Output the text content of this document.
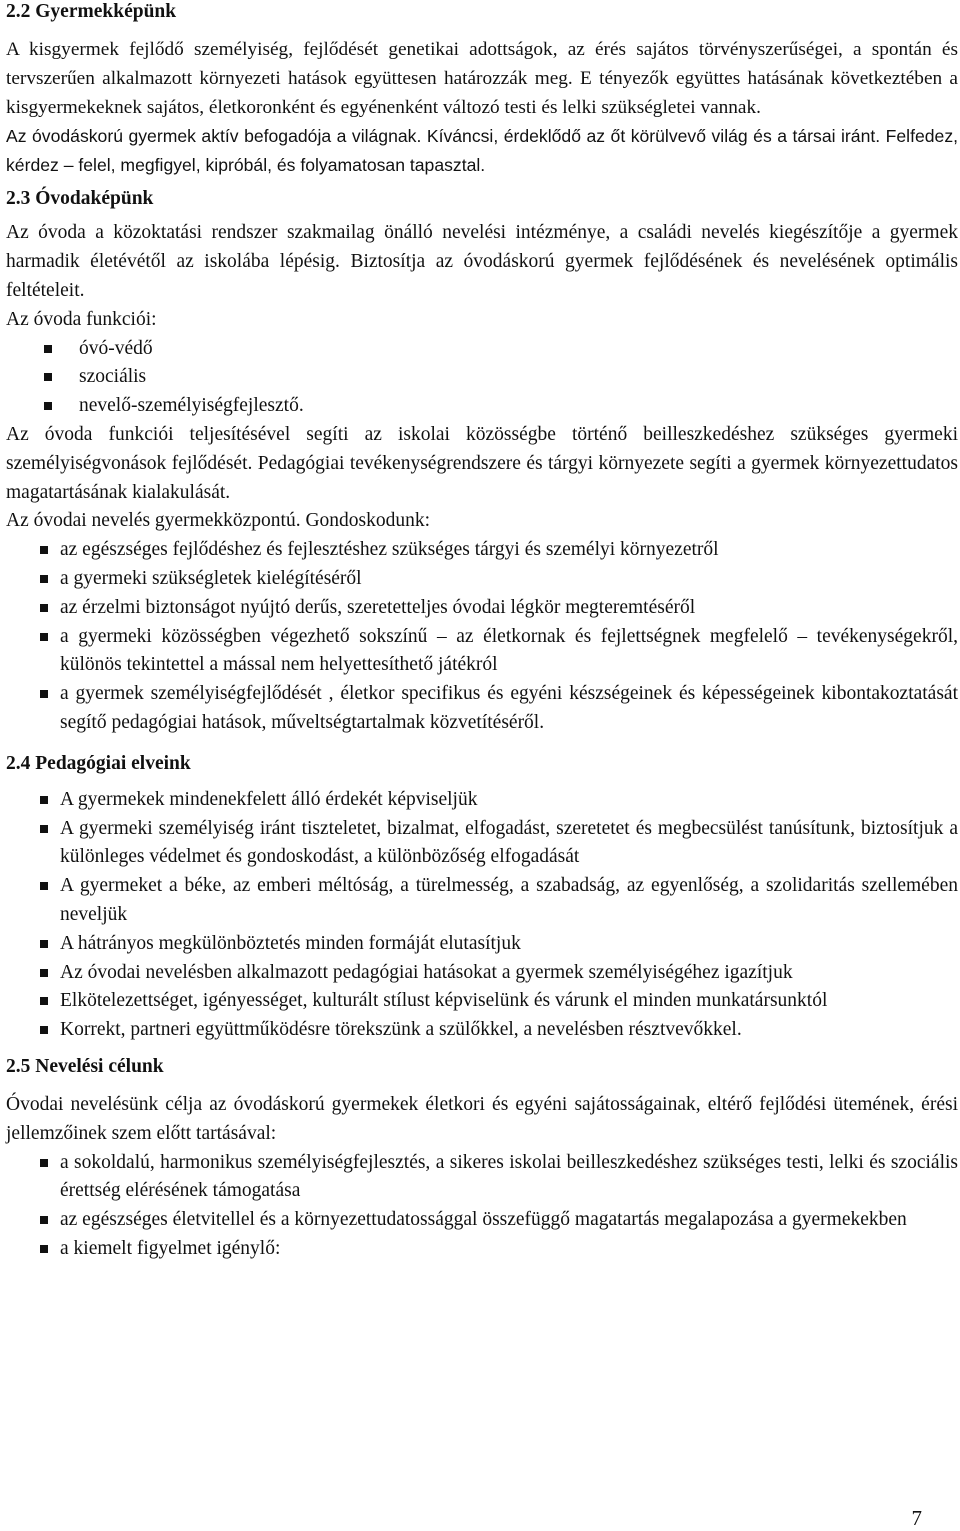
2.2 Gyermekképünk

A kisgyermek fejlődő személyiség, fejlődését genetikai adottságok, az érés sajátos törvényszerűségei, a spontán és tervszerűen alkalmazott környezeti hatások együttesen határozzák meg. E tényezők együttes hatásának következtében a kisgyermekeknek sajátos, életkoronként és egyénenként változó testi és lelki szükségletei vannak.

Az óvodáskorú gyermek aktív befogadója a világnak. Kíváncsi, érdeklődő az őt körülvevő világ és a társai iránt. Felfedez, kérdez – felel, megfigyel, kipróbál, és folyamatosan tapasztal.

2.3 Óvodaképünk

Az óvoda a közoktatási rendszer szakmailag önálló nevelési intézménye, a családi nevelés kiegészítője a gyermek harmadik életévétől az iskolába lépésig. Biztosítja az óvodáskorú gyermek fejlődésének és nevelésének optimális feltételeit.

Az óvoda funkciói:

óvó-védő
szociális
nevelő-személyiségfejlesztő.

Az óvoda funkciói teljesítésével segíti az iskolai közösségbe történő beilleszkedéshez szükséges gyermeki személyiségvonások fejlődését. Pedagógiai tevékenységrendszere és tárgyi környezete segíti a gyermek környezettudatos magatartásának kialakulását.

Az óvodai nevelés gyermekközpontú. Gondoskodunk:

az egészséges fejlődéshez és fejlesztéshez szükséges tárgyi és személyi környezetről
a gyermeki szükségletek kielégítéséről
az érzelmi biztonságot nyújtó derűs, szeretetteljes óvodai légkör megteremtéséről
a gyermeki közösségben végezhető sokszínű – az életkornak és fejlettségnek megfelelő – tevékenységekről, különös tekintettel a mással nem helyettesíthető játékról
a gyermek személyiségfejlődését , életkor specifikus és egyéni készségeinek és képességeinek kibontakoztatását segítő pedagógiai hatások, műveltségtartalmak közvetítéséről.
2.4 Pedagógiai elveink
A gyermekek mindenekfelett álló érdekét képviseljük
A gyermeki személyiség iránt tiszteletet, bizalmat, elfogadást, szeretetet és megbecsülést tanúsítunk, biztosítjuk a különleges védelmet és gondoskodást, a különbözőség elfogadását
A gyermeket a béke, az emberi méltóság, a türelmesség, a szabadság, az egyenlőség, a szolidaritás szellemében neveljük
A hátrányos megkülönböztetés minden formáját elutasítjuk
Az óvodai nevelésben alkalmazott pedagógiai hatásokat a gyermek személyiségéhez igazítjuk
Elkötelezettséget, igényességet, kulturált stílust képviselünk és várunk el minden munkatársunktól
Korrekt, partneri együttműködésre törekszünk a szülőkkel, a nevelésben résztvevőkkel.
2.5 Nevelési célunk

Óvodai nevelésünk célja az óvodáskorú gyermekek életkori és egyéni sajátosságainak, eltérő fejlődési ütemének, érési jellemzőinek szem előtt tartásával:

a sokoldalú, harmonikus személyiségfejlesztés, a sikeres iskolai beilleszkedéshez szükséges testi, lelki és szociális érettség elérésének támogatása
az egészséges életvitellel és a környezettudatossággal összefüggő magatartás megalapozása a gyermekekben
a kiemelt figyelmet igénylő:
7
